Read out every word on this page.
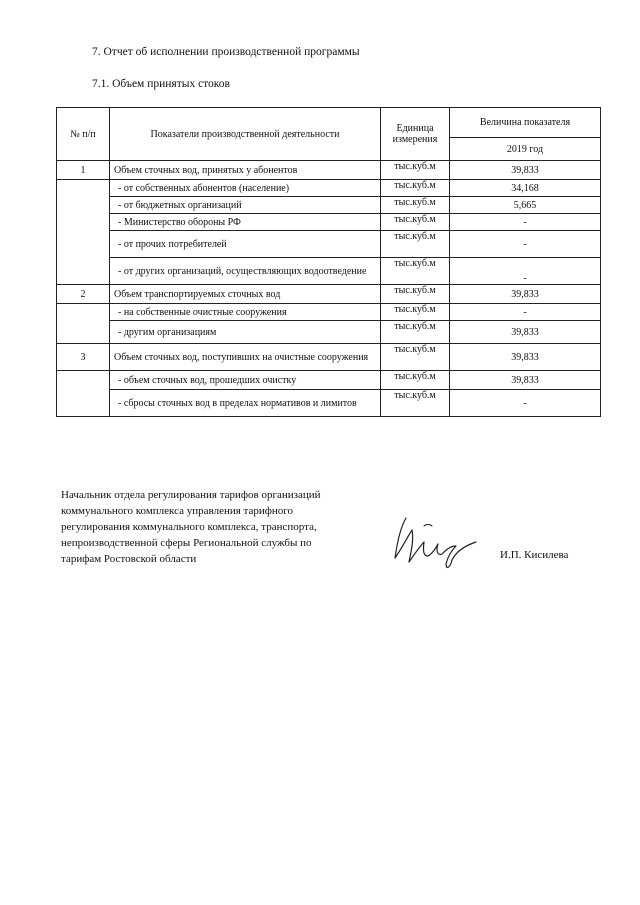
7. Отчет об исполнении производственной программы
7.1. Объем принятых стоков
№ п/п	Показатели производственной деятельности	Единица измерения	Величина показателя
			2019 год
1	Объем сточных вод, принятых у абонентов	тыс.куб.м	39,833
	- от собственных абонентов (население)	тыс.куб.м	34,168
	- от бюджетных организаций	тыс.куб.м	5,665
	- Министерство обороны РФ	тыс.куб.м	-
	- от прочих потребителей	тыс.куб.м	-
	- от других организаций, осуществляющих водоотведение	тыс.куб.м	-
2	Объем транспортируемых сточных вод	тыс.куб.м	39,833
	- на собственные очистные сооружения	тыс.куб.м	-
	- другим организациям	тыс.куб.м	39,833
3	Объем сточных вод, поступивших на очистные сооружения	тыс.куб.м	39,833
	- объем сточных вод, прошедших очистку	тыс.куб.м	39,833
	- сбросы сточных вод в пределах нормативов и лимитов	тыс.куб.м	-
Начальник отдела регулирования тарифов организаций
коммунального комплекса управления тарифного
регулирования коммунального комплекса, транспорта,
непроизводственной сферы Региональной службы по
тарифам Ростовской области	И.П. Кисилева
